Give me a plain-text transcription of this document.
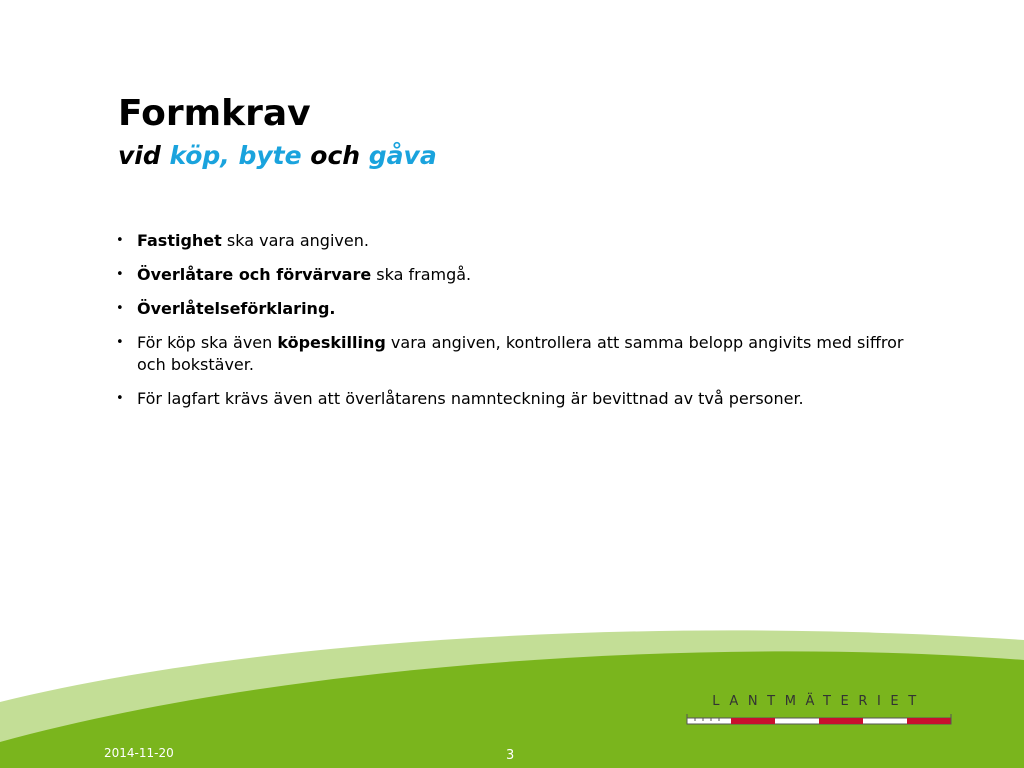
Formkrav
vid köp, byte och gåva
• Fastighet ska vara angiven.
• Överlåtare och förvärvare ska framgå.
• Överlåtelseförklaring.
• För köp ska även köpeskilling vara angiven, kontrollera att samma belopp angivits med siffror och bokstäver.
• För lagfart krävs även att överlåtarens namnteckning är bevittnad av två personer.
LANTMÄTERIET
2014-11-20	3
